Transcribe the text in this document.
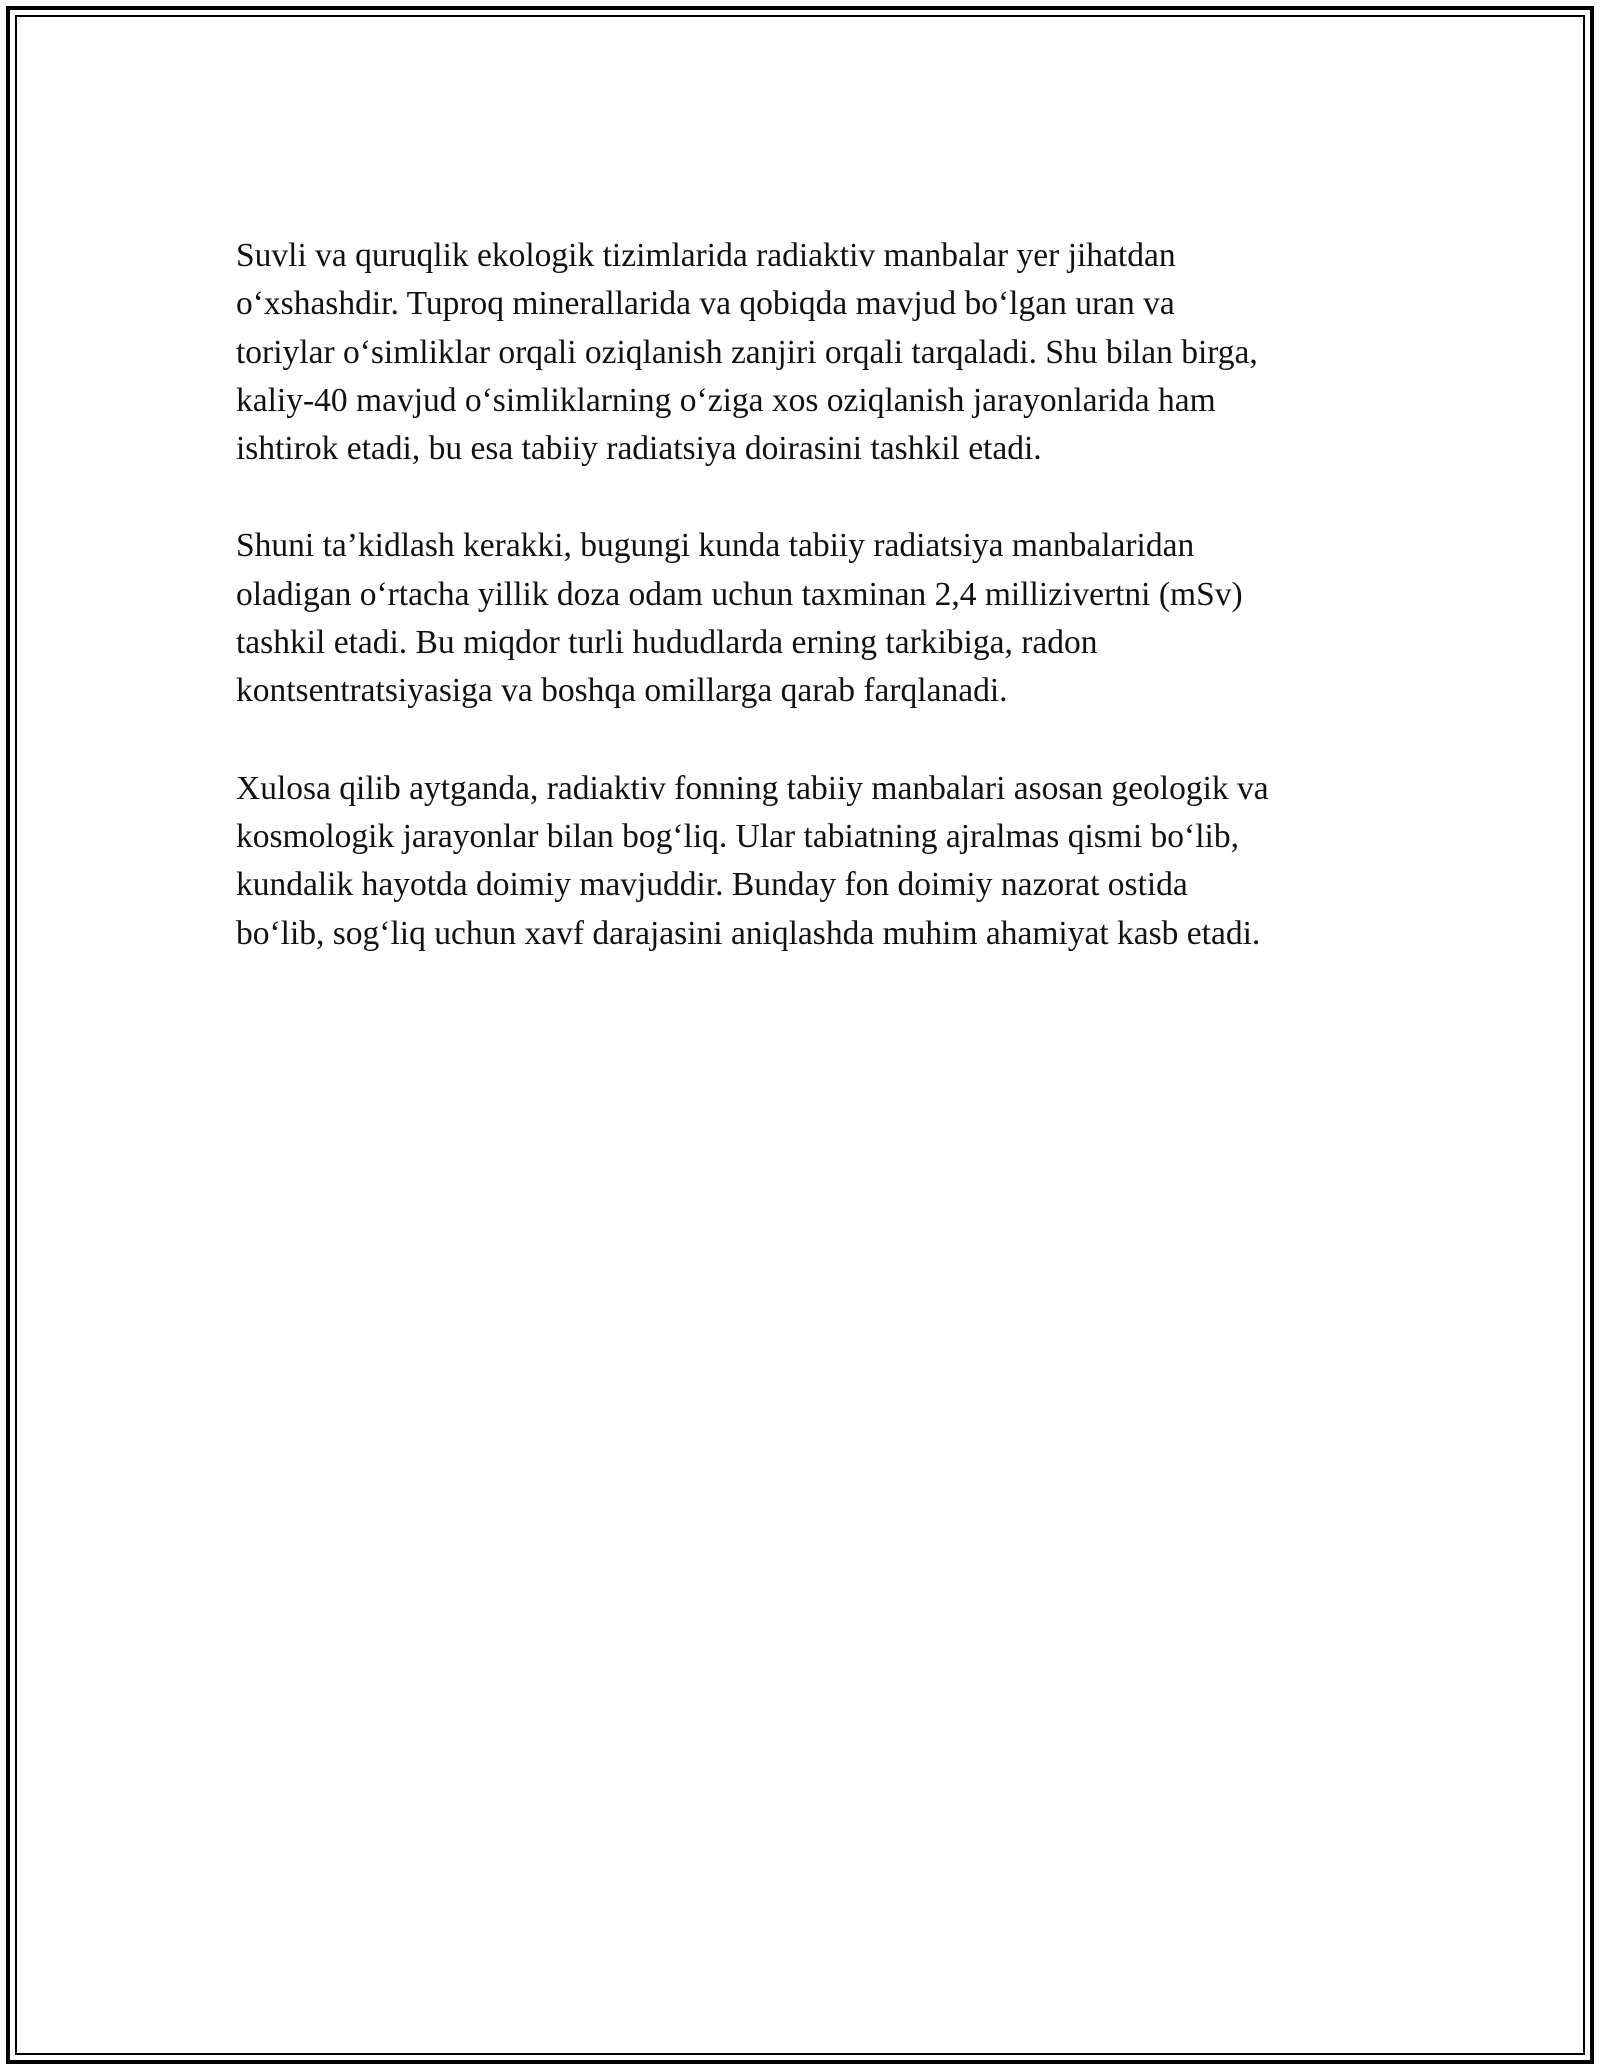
Suvli va quruqlik ekologik tizimlarida radiaktiv manbalar yer jihatdan
o‘xshashdir. Tuproq minerallarida va qobiqda mavjud bo‘lgan uran va
toriylar o‘simliklar orqali oziqlanish zanjiri orqali tarqaladi. Shu bilan birga,
kaliy-40 mavjud o‘simliklarning o‘ziga xos oziqlanish jarayonlarida ham
ishtirok etadi, bu esa tabiiy radiatsiya doirasini tashkil etadi.

Shuni ta’kidlash kerakki, bugungi kunda tabiiy radiatsiya manbalaridan
oladigan o‘rtacha yillik doza odam uchun taxminan 2,4 millizivertni (mSv)
tashkil etadi. Bu miqdor turli hududlarda erning tarkibiga, radon
kontsentratsiyasiga va boshqa omillarga qarab farqlanadi.

Xulosa qilib aytganda, radiaktiv fonning tabiiy manbalari asosan geologik va
kosmologik jarayonlar bilan bog‘liq. Ular tabiatning ajralmas qismi bo‘lib,
kundalik hayotda doimiy mavjuddir. Bunday fon doimiy nazorat ostida
bo‘lib, sog‘liq uchun xavf darajasini aniqlashda muhim ahamiyat kasb etadi.
